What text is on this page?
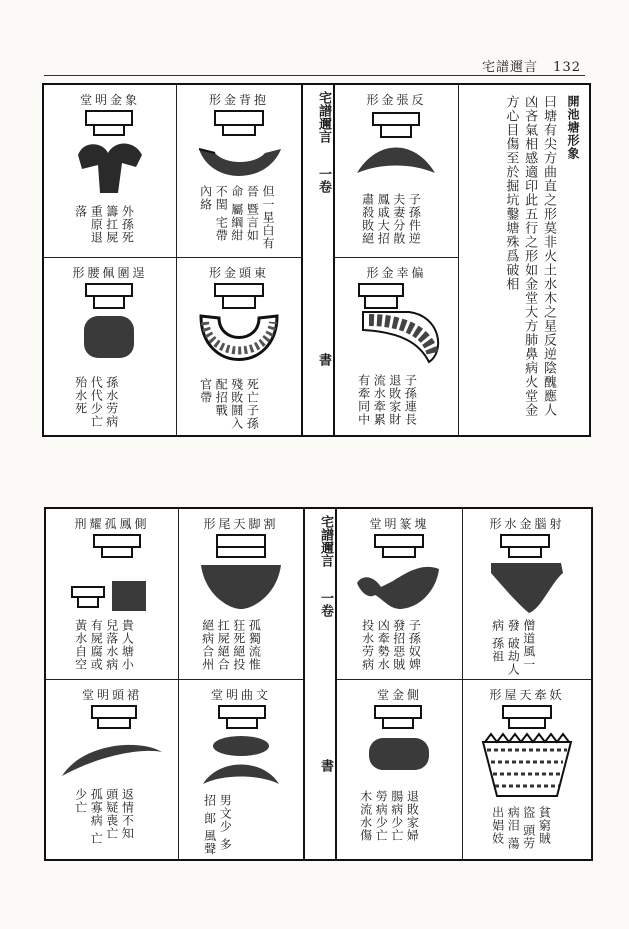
宅譜邇言 132
宅譜邇言
一卷
書
開池塘形象
曰塘有尖方曲直之形莫非火土水木之星反逆陰醜應人凶吝氣相感適印此五行之形如金堂大方肺鼻病火堂金方心目傷至於掘坑鑿塘殊爲破相
堂明金象
外孫死籌扛屍 重原退落
形金背抱
但一星白有晉 暨言如命 屬綱紺不閨 宅帶內絡
形金張反
子孫件逆 夫妻分散 鳳戚大招 肅殺敗絕
形腰佩圍逞
孫水劳病 代代少亡 殆水死
形金頭東
死亡子孫 殘敗鬪入 配招戰 官帶
形金幸偏
子孫連長 退敗家財 流水牽累 有牽同中
宅譜邇言
一卷
書
形水金腦射
僧道風一發 破劫人病 孫祖
堂明篆塊
子孫奴婢 發招惡賊 凶牽勢水 投水劳病
形尾天脚割
孤獨流惟 狂死絕投 扛屍絕合 絕病合州
刑耀孤鳳側
貴人塘小 兒落水病 有屍腐或 黃水自空
形屋天牽妖
貧窮賊盜 頭劳病泪 蕩出娼妓
堂金側
退敗家婦 腸病少亡 勞病少亡 木流水傷
堂明曲文
男文少 多招 郎 風聲
堂明頭裙
返情不知 頭疑喪亡 孤寡病 亡 少亡
